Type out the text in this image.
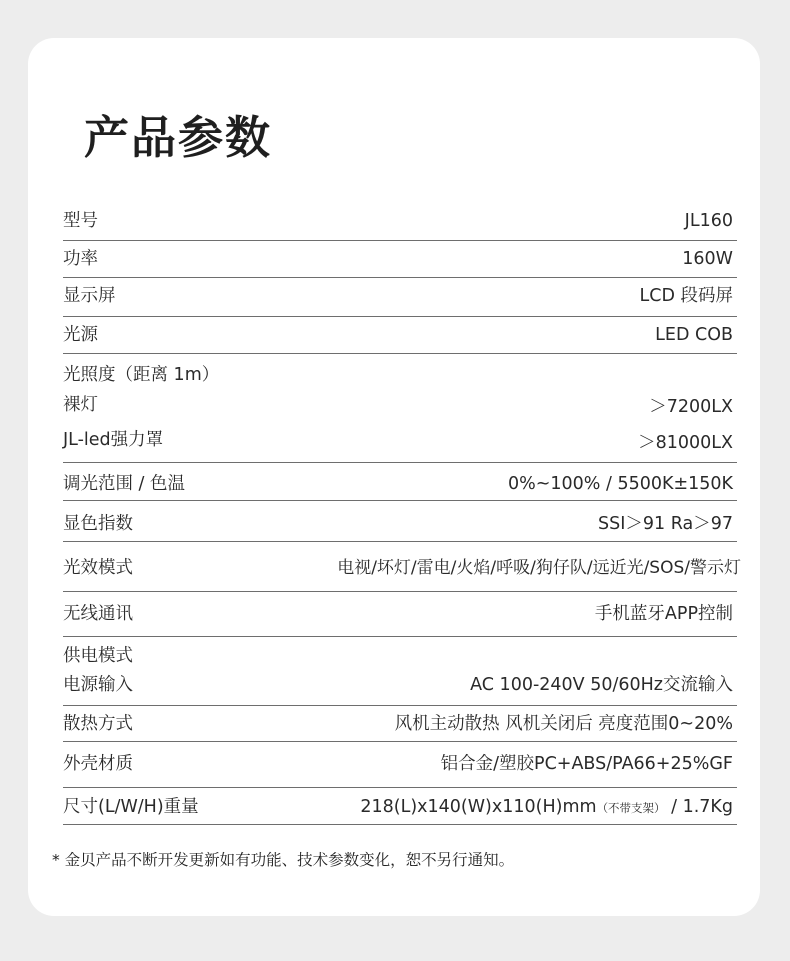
产品参数
型号	JL160
功率	160W
显示屏	LCD 段码屏
光源	LED COB
光照度（距离 1m）
裸灯	＞7200LX
JL-led强力罩	＞81000LX
调光范围 / 色温	0%~100% / 5500K±150K
显色指数	SSI＞91 Ra＞97
光效模式	电视/坏灯/雷电/火焰/呼吸/狗仔队/远近光/SOS/警示灯
无线通讯	手机蓝牙APP控制
供电模式
电源输入	AC 100-240V 50/60Hz交流输入
散热方式	风机主动散热 风机关闭后 亮度范围0~20%
外壳材质	铝合金/塑胶PC+ABS/PA66+25%GF
尺寸(L/W/H)重量	218(L)x140(W)x110(H)mm（不带支架） / 1.7Kg
* 金贝产品不断开发更新如有功能、技术参数变化，恕不另行通知。
